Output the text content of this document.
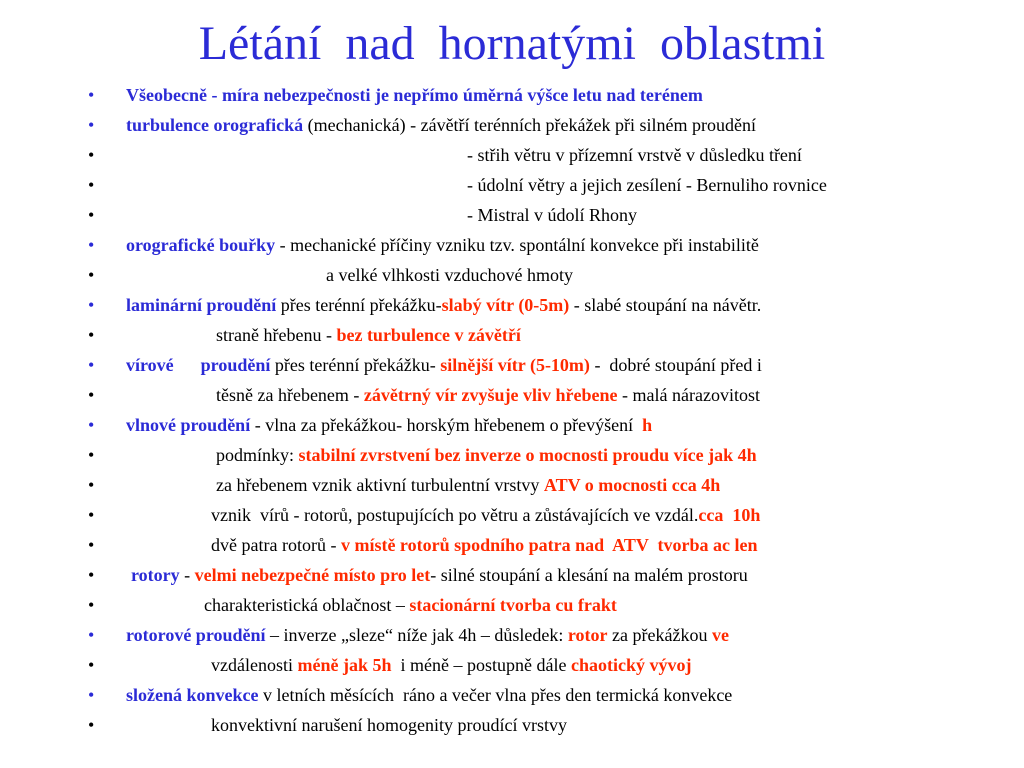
Létání  nad  hornatými  oblastmi
• Všeobecně - míra nebezpečnosti je nepřímo úměrná výšce letu nad terénem
• turbulence orografická (mechanická) - závětří terénních překážek při silném proudění
•	- střih větru v přízemní vrstvě v důsledku tření
•	- údolní větry a jejich zesílení - Bernuliho rovnice
•	- Mistral v údolí Rhony
• orografické bouřky - mechanické příčiny vzniku tzv. spontální konvekce při instabilitě
•	a velké vlhkosti vzduchové hmoty
• laminární proudění přes terénní překážku-slabý vítr (0-5m) - slabé stoupání na návětr.
•	straně hřebenu - bez turbulence v závětří
• vírové      proudění přes terénní překážku- silnější vítr (5-10m) -  dobré stoupání před i
•	těsně za hřebenem - závětrný vír zvyšuje vliv hřebene - malá nárazovitost
• vlnové proudění - vlna za překážkou- horským hřebenem o převýšení  h
•	podmínky: stabilní zvrstvení bez inverze o mocnosti proudu více jak 4h
•	za hřebenem vznik aktivní turbulentní vrstvy ATV o mocnosti cca 4h
•	vznik  vírů - rotorů, postupujících po větru a zůstávajících ve vzdál.cca  10h
•	dvě patra rotorů - v místě rotorů spodního patra nad  ATV  tvorba ac len
• rotory - velmi nebezpečné místo pro let- silné stoupání a klesání na malém prostoru
•	charakteristická oblačnost – stacionární tvorba cu frakt
• rotorové proudění – inverze „sleze“ níže jak 4h – důsledek: rotor za překážkou ve
•	vzdálenosti méně jak 5h  i méně – postupně dále chaotický vývoj
• složená konvekce v letních měsících  ráno a večer vlna přes den termická konvekce
•	konvektivní narušení homogenity proudící vrstvy
